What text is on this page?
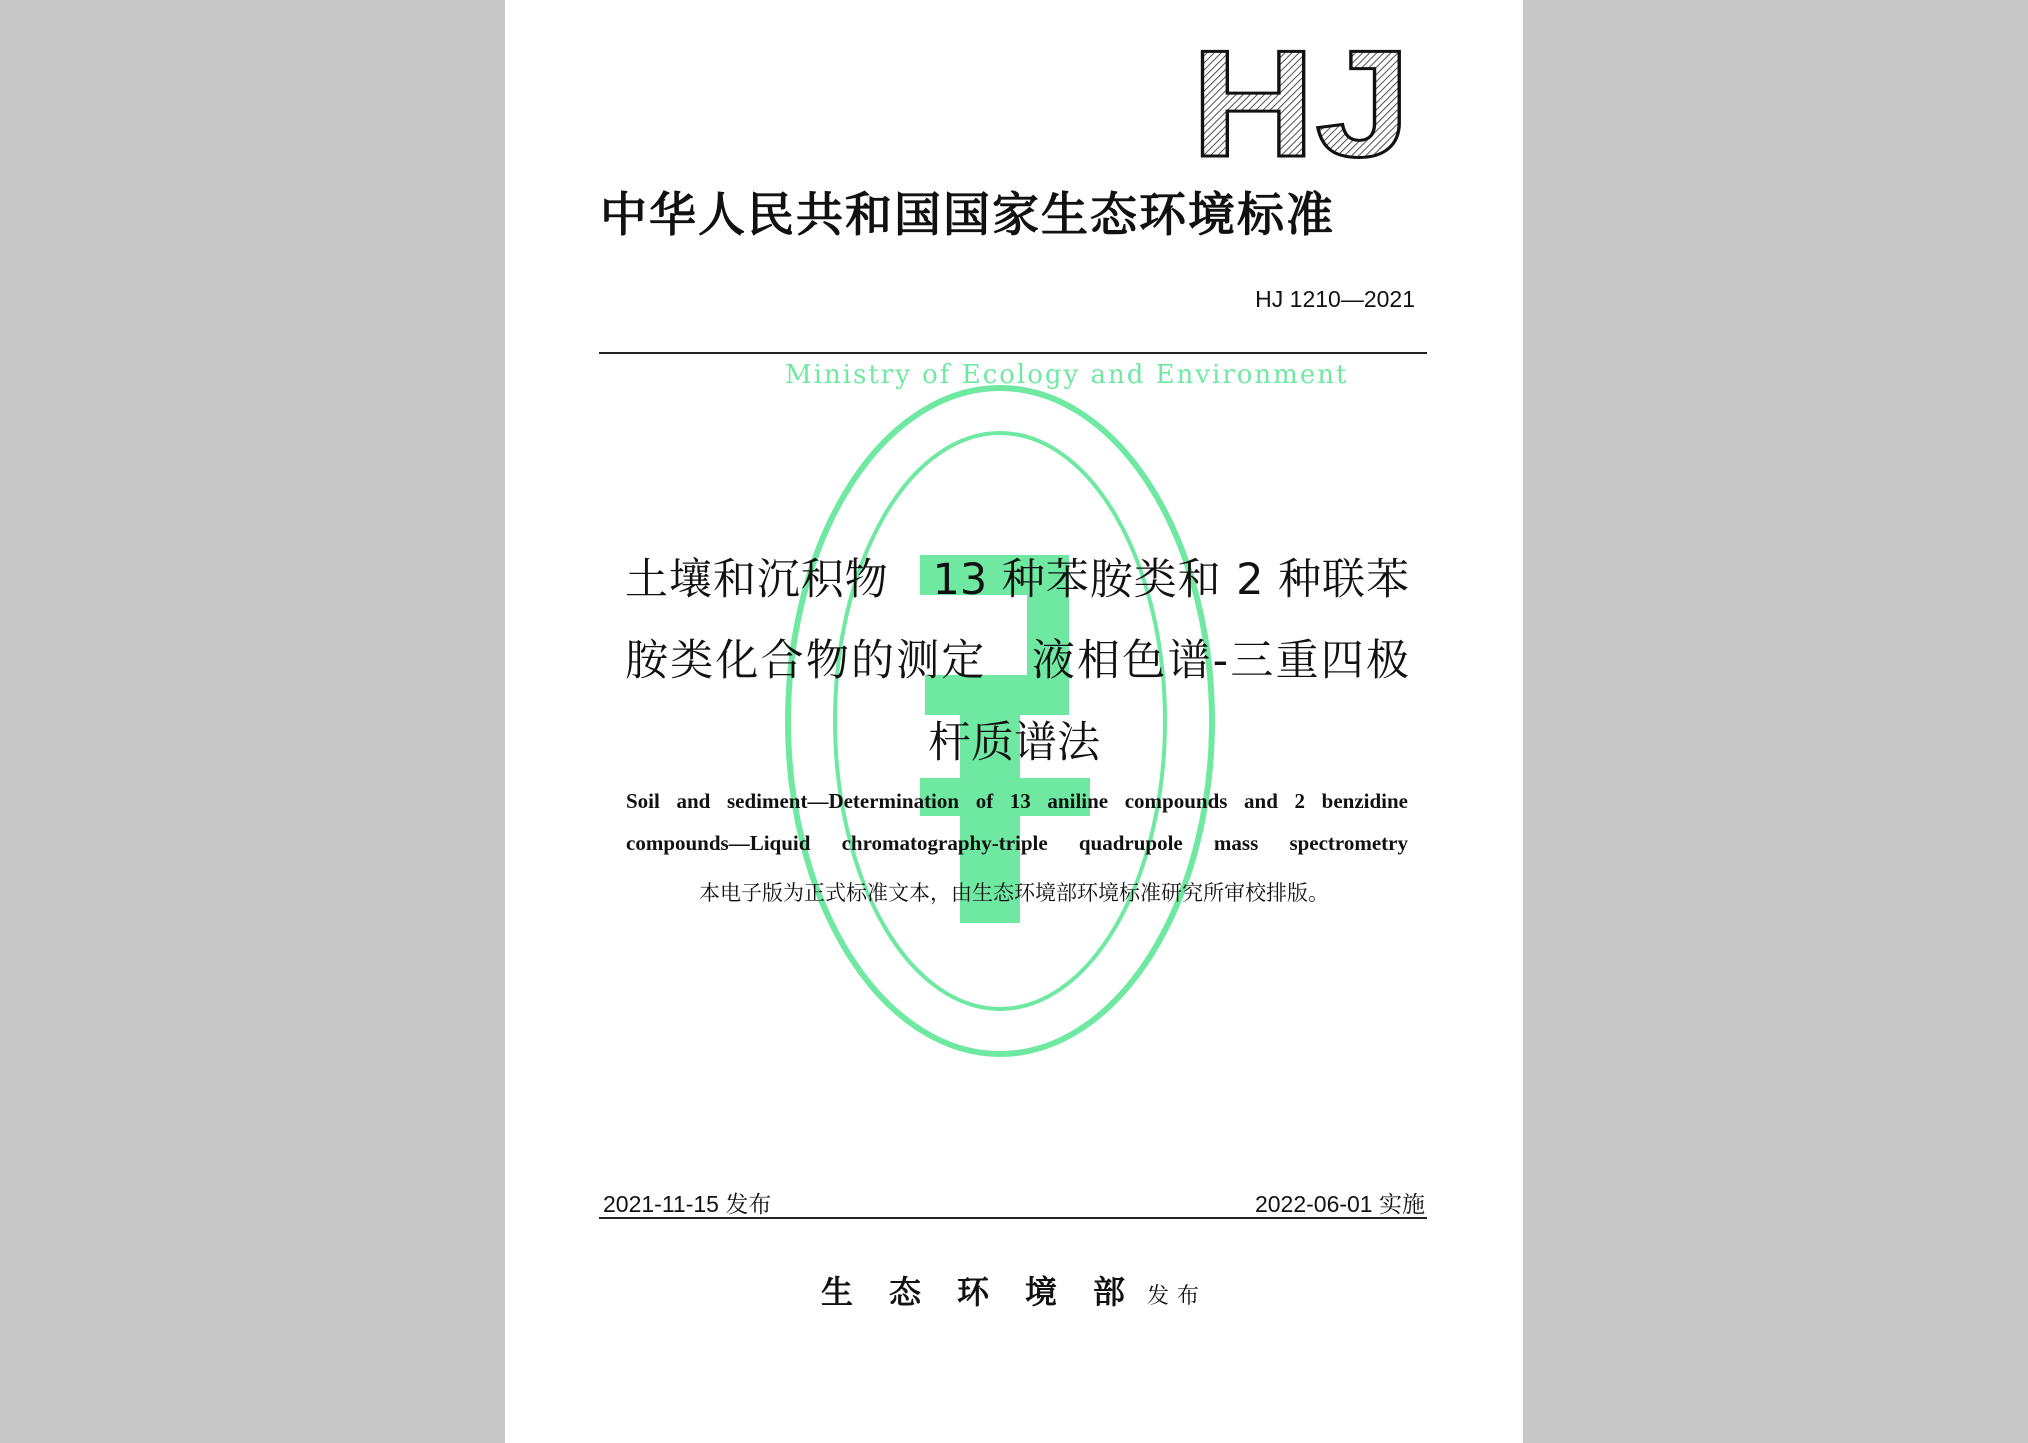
HJ
中华人民共和国国家生态环境标准
HJ 1210—2021
Ministry of Ecology and Environment
土壤和沉积物　13 种苯胺类和 2 种联苯
胺类化合物的测定　液相色谱-三重四极
杆质谱法
Soil and sediment—Determination of 13 aniline compounds and 2 benzidine
compounds—Liquid chromatography-triple quadrupole mass spectrometry
本电子版为正式标准文本，由生态环境部环境标准研究所审校排版。
2021-11-15 发布	2022-06-01 实施
生态环境部发布
